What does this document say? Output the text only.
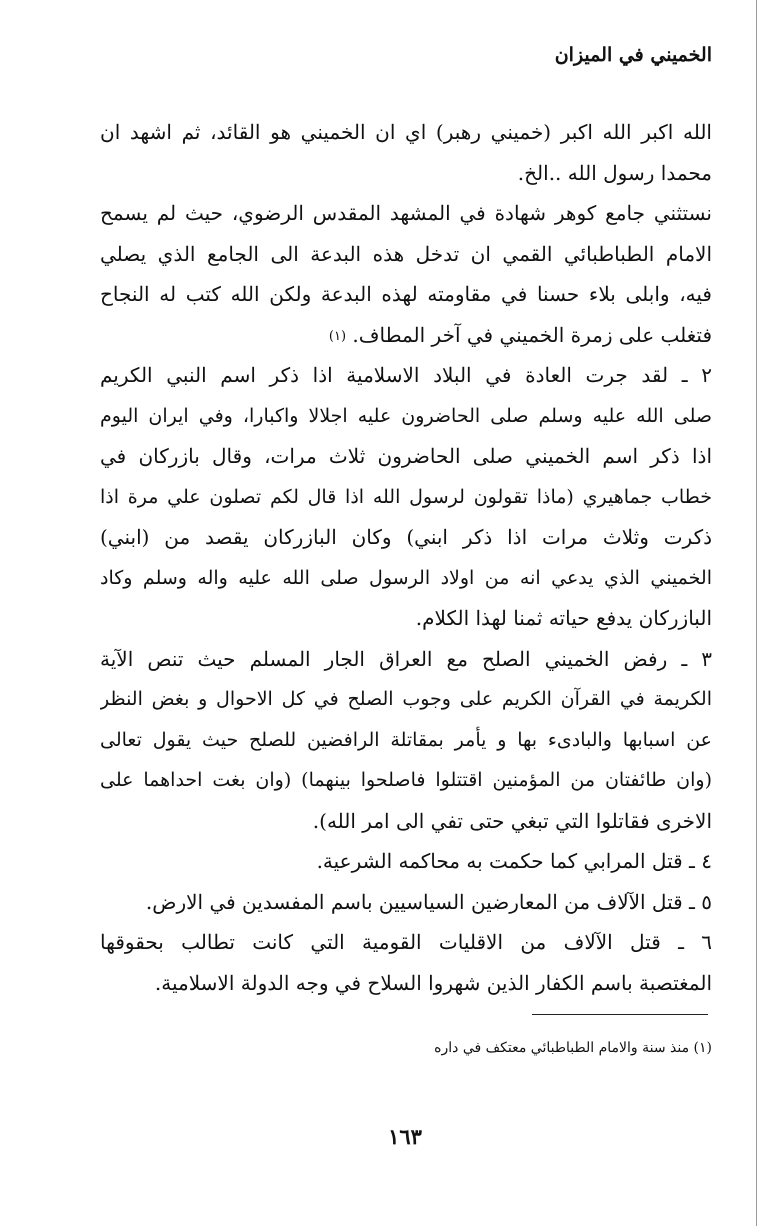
الخميني في الميزان
الله اكبر الله اكبر (خميني رهبر) اي ان الخميني هو القائد، ثم اشهد ان
محمدا رسول الله ..الخ.
نستثني جامع كوهر شهادة في المشهد المقدس الرضوي، حيث لم يسمح
الامام الطباطبائي القمي ان تدخل هذه البدعة الى الجامع الذي يصلي
فيه، وابلى بلاء حسنا في مقاومته لهذه البدعة ولكن الله كتب له النجاح
فتغلب على زمرة الخميني في آخر المطاف. (١)
٢ ـ لقد جرت العادة في البلاد الاسلامية اذا ذكر اسم النبي الكريم
صلى الله عليه وسلم صلى الحاضرون عليه اجلالا واكبارا، وفي ايران اليوم
اذا ذكر اسم الخميني صلى الحاضرون ثلاث مرات، وقال بازركان في
خطاب جماهيري (ماذا تقولون لرسول الله اذا قال لكم تصلون علي مرة اذا
ذكرت وثلاث مرات اذا ذكر ابني) وكان البازركان يقصد من (ابني)
الخميني الذي يدعي انه من اولاد الرسول صلى الله عليه واله وسلم وكاد
البازركان يدفع حياته ثمنا لهذا الكلام.
٣ ـ رفض الخميني الصلح مع العراق الجار المسلم حيث تنص الآية
الكريمة في القرآن الكريم على وجوب الصلح في كل الاحوال و بغض النظر
عن اسبابها والبادىء بها و يأمر بمقاتلة الرافضين للصلح حيث يقول تعالى
(وان طائفتان من المؤمنين اقتتلوا فاصلحوا بينهما) (وان بغت احداهما على
الاخرى فقاتلوا التي تبغي حتى تفي الى امر الله).
٤ ـ قتل المرابي كما حكمت به محاكمه الشرعية.
٥ ـ قتل الآلاف من المعارضين السياسيين باسم المفسدين في الارض.
٦ ـ قتل الآلاف من الاقليات القومية التي كانت تطالب بحقوقها
المغتصبة باسم الكفار الذين شهروا السلاح في وجه الدولة الاسلامية.
(١) منذ سنة والامام الطباطبائي معتكف في داره
١٦٣
